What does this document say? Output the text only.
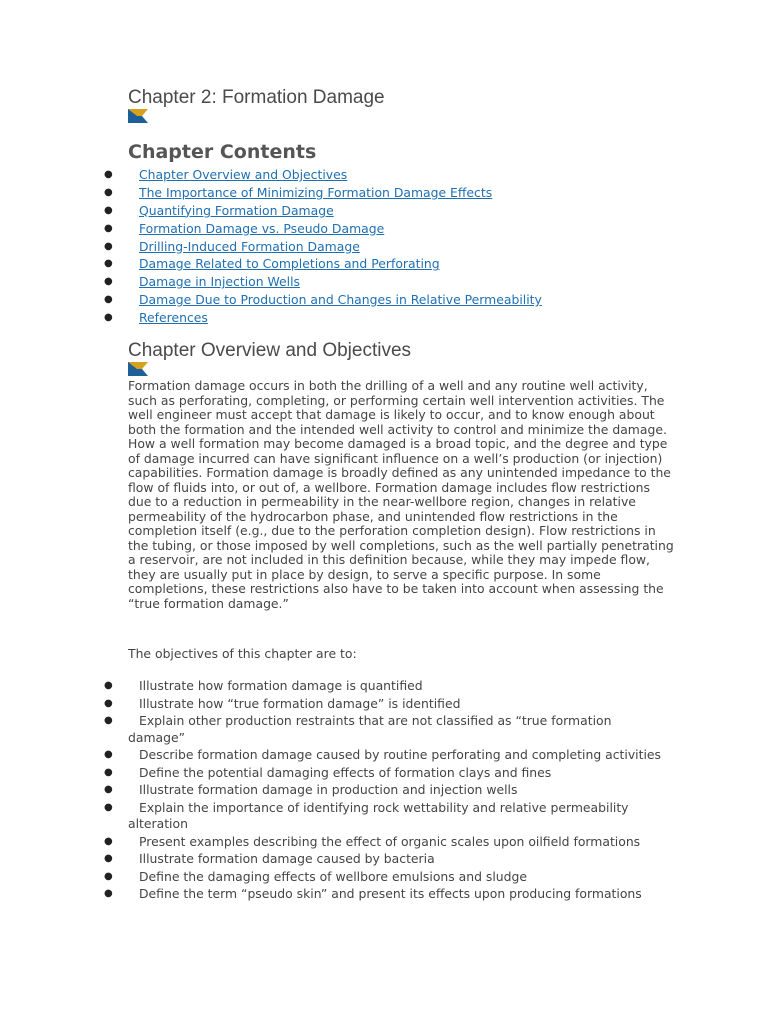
Chapter 2: Formation Damage
Chapter Contents
● Chapter Overview and Objectives
● The Importance of Minimizing Formation Damage Effects
● Quantifying Formation Damage
● Formation Damage vs. Pseudo Damage
● Drilling-Induced Formation Damage
● Damage Related to Completions and Perforating
● Damage in Injection Wells
● Damage Due to Production and Changes in Relative Permeability
● References
Chapter Overview and Objectives

Formation damage occurs in both the drilling of a well and any routine well activity, such as perforating, completing, or performing certain well intervention activities. The well engineer must accept that damage is likely to occur, and to know enough about both the formation and the intended well activity to control and minimize the damage. How a well formation may become damaged is a broad topic, and the degree and type of damage incurred can have significant influence on a well’s production (or injection) capabilities. Formation damage is broadly defined as any unintended impedance to the flow of fluids into, or out of, a wellbore. Formation damage includes flow restrictions due to a reduction in permeability in the near-wellbore region, changes in relative permeability of the hydrocarbon phase, and unintended flow restrictions in the completion itself (e.g., due to the perforation completion design). Flow restrictions in the tubing, or those imposed by well completions, such as the well partially penetrating a reservoir, are not included in this definition because, while they may impede flow, they are usually put in place by design, to serve a specific purpose. In some completions, these restrictions also have to be taken into account when assessing the “true formation damage.”

The objectives of this chapter are to:

●	Illustrate how formation damage is quantified
●	Illustrate how “true formation damage” is identified
●	Explain other production restraints that are not classified as “true formation damage”
●	Describe formation damage caused by routine perforating and completing activities
●	Define the potential damaging effects of formation clays and fines
●	Illustrate formation damage in production and injection wells
●	Explain the importance of identifying rock wettability and relative permeability alteration
●	Present examples describing the effect of organic scales upon oilfield formations
●	Illustrate formation damage caused by bacteria
●	Define the damaging effects of wellbore emulsions and sludge
●	Define the term “pseudo skin” and present its effects upon producing formations
